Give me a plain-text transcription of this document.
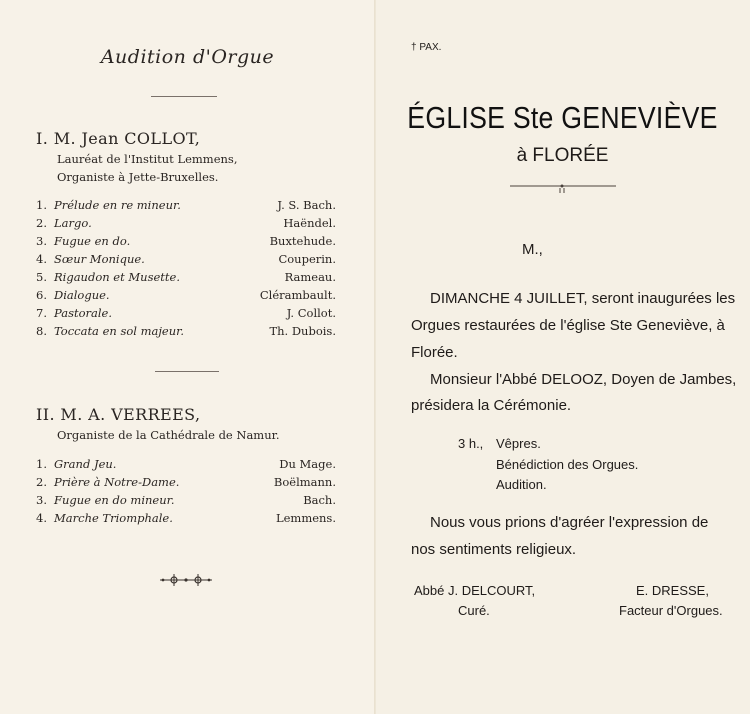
Audition d'Orgue
I. M. Jean COLLOT,
Lauréat de l'Institut Lemmens,
Organiste à Jette-Bruxelles.
1. Prélude en re mineur.	J. S. Bach.
2. Largo.	Haëndel.
3. Fugue en do.	Buxtehude.
4. Sœur Monique.	Couperin.
5. Rigaudon et Musette.	Rameau.
6. Dialogue.	Clérambault.
7. Pastorale.	J. Collot.
8. Toccata en sol majeur.	Th. Dubois.
II. M. A. VERREES,
Organiste de la Cathédrale de Namur.
1. Grand Jeu.	Du Mage.
2. Prière à Notre-Dame.	Boëlmann.
3. Fugue en do mineur.	Bach.
4. Marche Triomphale.	Lemmens.
† PAX.
ÉGLISE Ste GENEVIÈVE
à FLORÉE
M.,
DIMANCHE 4 JUILLET, seront inaugurées les
Orgues restaurées de l'église Ste Geneviève, à
Florée.
Monsieur l'Abbé DELOOZ, Doyen de Jambes,
présidera la Cérémonie.
3 h., Vêpres.
Bénédiction des Orgues.
Audition.
Nous vous prions d'agréer l'expression de
nos sentiments religieux.
Abbé J. DELCOURT,
Curé.
E. DRESSE,
Facteur d'Orgues.
